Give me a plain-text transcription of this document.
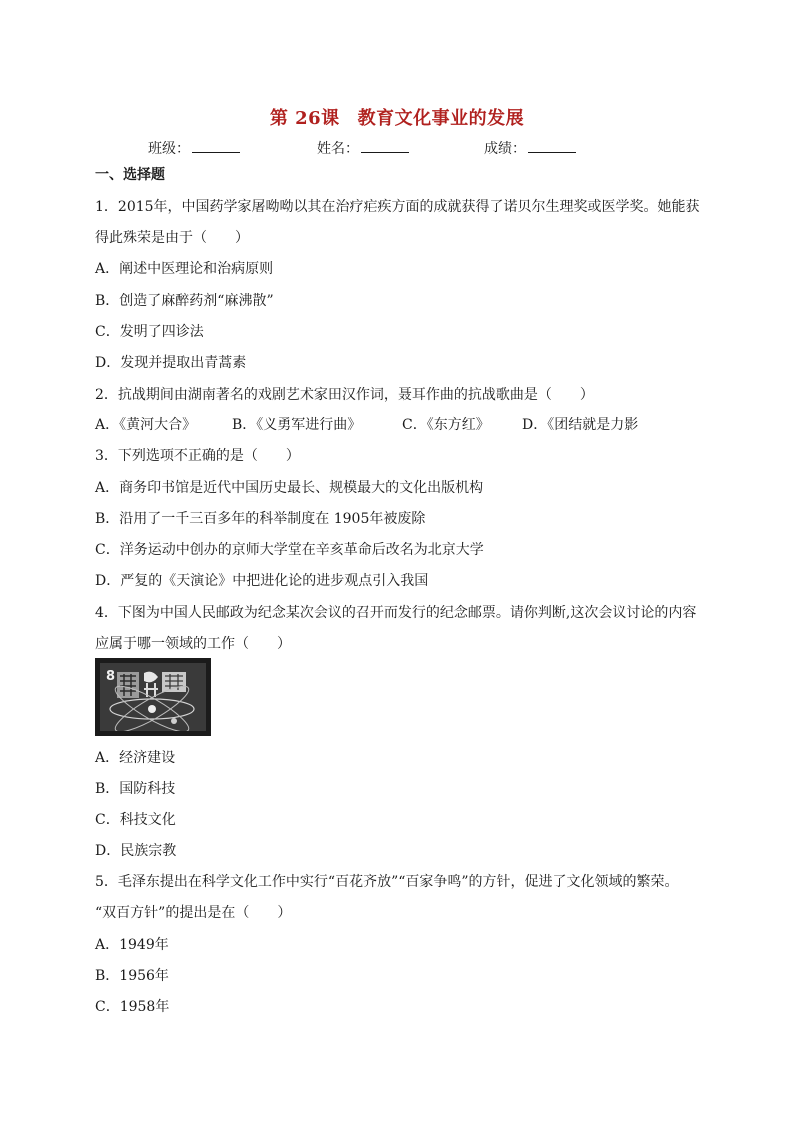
第 26课 教育文化事业的发展
班级：	姓名：	成绩：
一、选择题
1．2015年，中国药学家屠呦呦以其在治疗疟疾方面的成就获得了诺贝尔生理奖或医学奖。她能获
得此殊荣是由于（　　）
A．阐述中医理论和治病原则
B．创造了麻醉药剂“麻沸散”
C．发明了四诊法
D．发现并提取出青蒿素
2．抗战期间由湖南著名的戏剧艺术家田汉作词，聂耳作曲的抗战歌曲是（　　）
A．《黄河大合》	B．《义勇军进行曲》	C．《东方红》 D．《团结就是力影
3．下列选项不正确的是（　　）
A．商务印书馆是近代中国历史最长、规模最大的文化出版机构
B．沿用了一千三百多年的科举制度在 1905年被废除
C．洋务运动中创办的京师大学堂在辛亥革命后改名为北京大学
D．严复的《天演论》中把进化论的进步观点引入我国
4．下图为中国人民邮政为纪念某次会议的召开而发行的纪念邮票。请你判断,这次会议讨论的内容
应属于哪一领域的工作（　　）
8
A．经济建设
B．国防科技
C．科技文化
D．民族宗教
5．毛泽东提出在科学文化工作中实行“百花齐放”“百家争鸣”的方针，促进了文化领域的繁荣。
“双百方针”的提出是在（　　）
A．1949年
B．1956年
C．1958年
